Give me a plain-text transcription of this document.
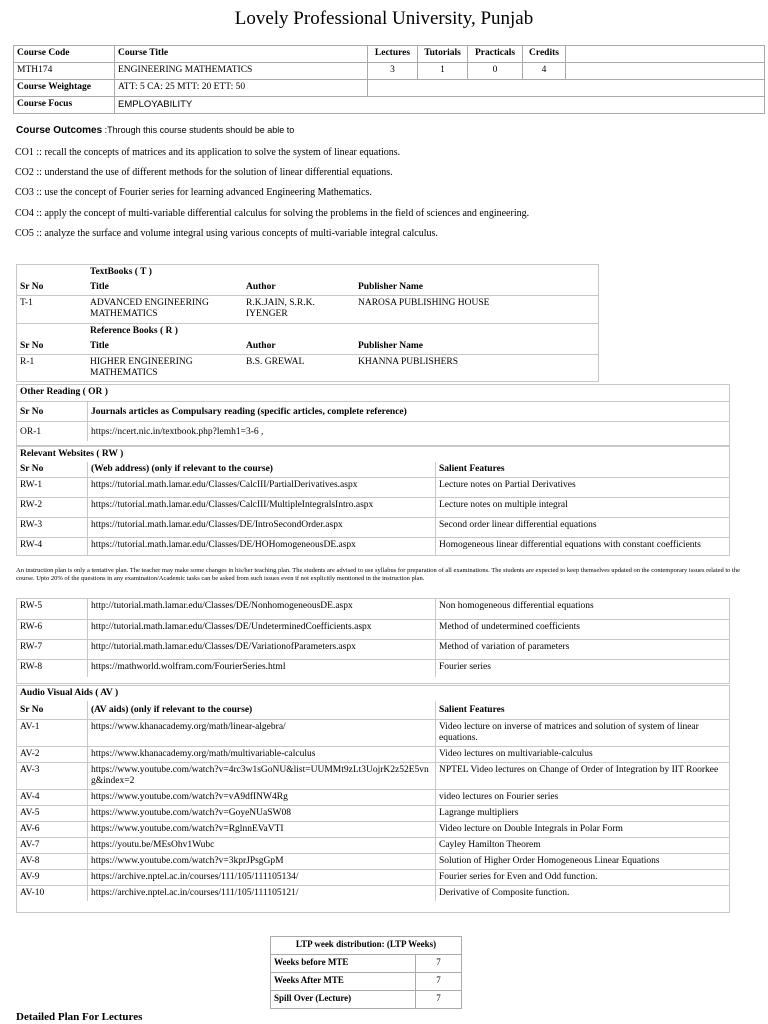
Lovely Professional University, Punjab
Course Code	Course Title	Lectures	Tutorials	Practicals	Credits	
MTH174	ENGINEERING MATHEMATICS	3	1	0	4	
Course Weightage	ATT: 5 CA: 25 MTT: 20 ETT: 50					
Course Focus	EMPLOYABILITY					
Course Outcomes :Through this course students should be able to
CO1 :: recall the concepts of matrices and its application to solve the system of linear equations.
CO2 :: understand the use of different methods for the solution of linear differential equations.
CO3 :: use the concept of Fourier series for learning advanced Engineering Mathematics.
CO4 :: apply the concept of multi-variable differential calculus for solving the problems in the field of sciences and engineering.
CO5 :: analyze the surface and volume integral using various concepts of multi-variable integral calculus.
	TextBooks ( T )		
Sr No	Title	Author	Publisher Name
T-1	ADVANCED ENGINEERING MATHEMATICS	R.K.JAIN, S.R.K. IYENGER	NAROSA PUBLISHING HOUSE
	Reference Books ( R )		
Sr No	Title	Author	Publisher Name
R-1	HIGHER ENGINEERING MATHEMATICS	B.S. GREWAL	KHANNA PUBLISHERS
Other Reading ( OR )	
Sr No	Journals articles as Compulsary reading (specific articles, complete reference)
OR-1	https://ncert.nic.in/textbook.php?lemh1=3-6 ,
Relevant Websites ( RW )		
Sr No	(Web address) (only if relevant to the course)	Salient Features
RW-1	https://tutorial.math.lamar.edu/Classes/CalcIII/PartialDerivatives.aspx	Lecture notes on Partial Derivatives
RW-2	https://tutorial.math.lamar.edu/Classes/CalcIII/MultipleIntegralsIntro.aspx	Lecture notes on multiple integral
RW-3	https://tutorial.math.lamar.edu/Classes/DE/IntroSecondOrder.aspx	Second order linear differential equations
RW-4	https://tutorial.math.lamar.edu/Classes/DE/HOHomogeneousDE.aspx	Homogeneous linear differential equations with constant coefficients
An instruction plan is only a tentative plan. The teacher may make some changes in his/her teaching plan. The students are advised to use syllabus for preparation of all examinations. The students are expected to keep themselves updated on the contemporary issues related to the course. Upto 20% of the questions in any examination/Academic tasks can be asked from such issues even if not explicitly mentioned in the instruction plan.
RW-5	http://tutorial.math.lamar.edu/Classes/DE/NonhomogeneousDE.aspx	Non homogeneous differential equations
RW-6	http://tutorial.math.lamar.edu/Classes/DE/UndeterminedCoefficients.aspx	Method of undetermined coefficients
RW-7	http://tutorial.math.lamar.edu/Classes/DE/VariationofParameters.aspx	Method of variation of parameters
RW-8	https://mathworld.wolfram.com/FourierSeries.html	Fourier series
Audio Visual Aids ( AV )		
Sr No	(AV aids) (only if relevant to the course)	Salient Features
AV-1	https://www.khanacademy.org/math/linear-algebra/	Video lecture on inverse of matrices and solution of system of linear equations.
AV-2	https://www.khanacademy.org/math/multivariable-calculus	Video lectures on multivariable-calculus
AV-3	https://www.youtube.com/watch?v=4rc3w1sGoNU&list=UUMMt9zLt3UojrK2z52E5vng&index=2	NPTEL Video lectures on Change of Order of Integration by IIT Roorkee
AV-4	https://www.youtube.com/watch?v=vA9dfINW4Rg	video lectures on Fourier series
AV-5	https://www.youtube.com/watch?v=GoyeNUaSW08	Lagrange multipliers
AV-6	https://www.youtube.com/watch?v=RglnnEVaVTI	Video lecture on Double Integrals in Polar Form
AV-7	https://youtu.be/MEsOhv1Wubc	Cayley Hamilton Theorem
AV-8	https://www.youtube.com/watch?v=3kprJPsgGpM	Solution of Higher Order Homogeneous Linear Equations
AV-9	https://archive.nptel.ac.in/courses/111/105/111105134/	Fourier series for Even and Odd function.
AV-10	https://archive.nptel.ac.in/courses/111/105/111105121/	Derivative of Composite function.
LTP week distribution: (LTP Weeks)	
Weeks before MTE	7
Weeks After MTE	7
Spill Over (Lecture)	7
Detailed Plan For Lectures
